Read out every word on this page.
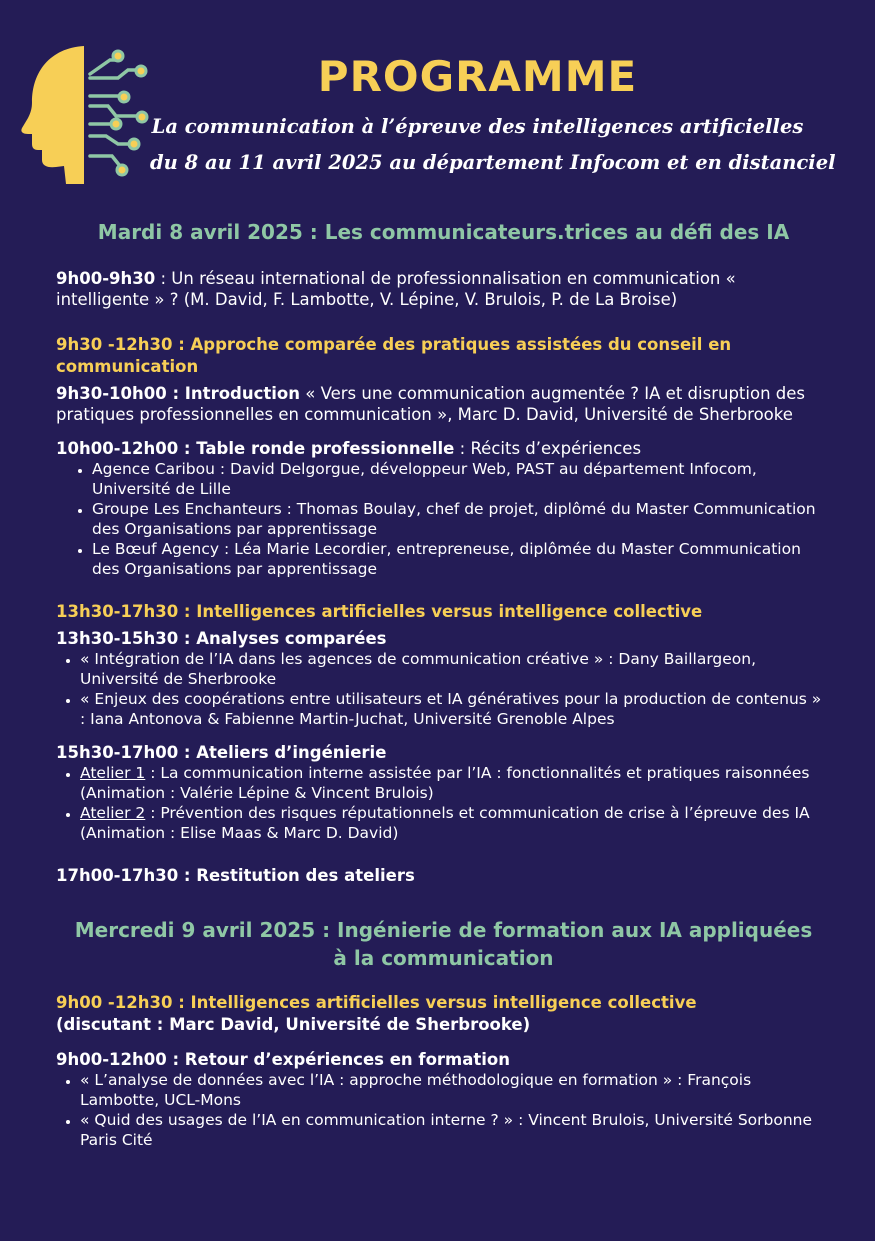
PROGRAMME

La communication à l’épreuve des intelligences artificielles

du 8 au 11 avril 2025 au département Infocom et en distanciel

Mardi 8 avril 2025 : Les communicateurs.trices au défi des IA

9h00-9h30 : Un réseau international de professionnalisation en communication « intelligente » ? (M. David, F. Lambotte, V. Lépine, V. Brulois, P. de La Broise)

9h30 -12h30 : Approche comparée des pratiques assistées du conseil en communication

9h30-10h00 : Introduction « Vers une communication augmentée ? IA et disruption des pratiques professionnelles en communication », Marc D. David, Université de Sherbrooke

10h00-12h00 : Table ronde professionnelle : Récits d’expériences

• Agence Caribou : David Delgorgue, développeur Web, PAST au département Infocom, Université de Lille
• Groupe Les Enchanteurs : Thomas Boulay, chef de projet, diplômé du Master Communication des Organisations par apprentissage
• Le Bœuf Agency : Léa Marie Lecordier, entrepreneuse, diplômée du Master Communication des Organisations par apprentissage

13h30-17h30 : Intelligences artificielles versus intelligence collective

13h30-15h30 : Analyses comparées

• « Intégration de l’IA dans les agences de communication créative » : Dany Baillargeon, Université de Sherbrooke
• « Enjeux des coopérations entre utilisateurs et IA génératives pour la production de contenus » : Iana Antonova & Fabienne Martin-Juchat, Université Grenoble Alpes

15h30-17h00 : Ateliers d’ingénierie

• Atelier 1 : La communication interne assistée par l’IA : fonctionnalités et pratiques raisonnées (Animation : Valérie Lépine & Vincent Brulois)
• Atelier 2 : Prévention des risques réputationnels et communication de crise à l’épreuve des IA (Animation : Elise Maas & Marc D. David)

17h00-17h30 : Restitution des ateliers

Mercredi 9 avril 2025 : Ingénierie de formation aux IA appliquées
à la communication

9h00 -12h30 : Intelligences artificielles versus intelligence collective

(discutant : Marc David, Université de Sherbrooke)

9h00-12h00 : Retour d’expériences en formation

• « L’analyse de données avec l’IA : approche méthodologique en formation » : François Lambotte, UCL-Mons
• « Quid des usages de l’IA en communication interne ? » : Vincent Brulois, Université Sorbonne Paris Cité
